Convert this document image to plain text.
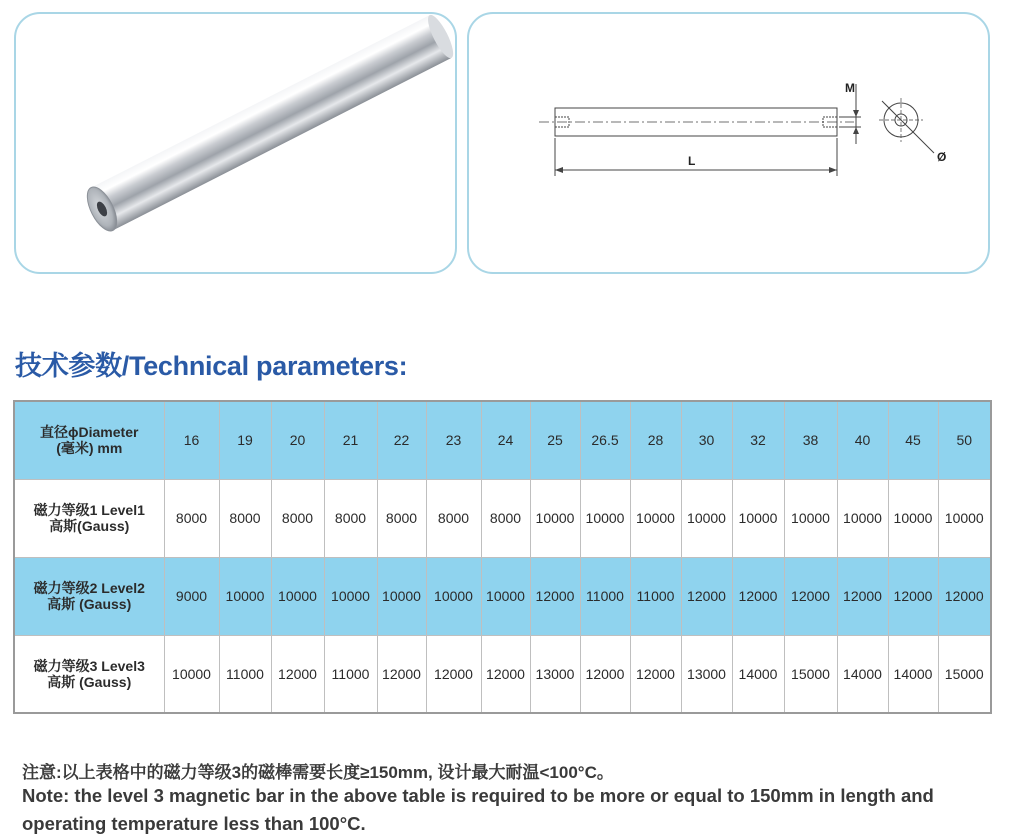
M
L	Ø
技术参数/Technical parameters:
直径ϕDiameter
(毫米) mm	16	19	20	21	22	23	24	25	26.5	28	30	32	38	40	45	50

磁力等级1 Level1
高斯(Gauss)	8000	8000	8000	8000	8000	8000	8000	10000	10000	10000	10000	10000	10000	10000	10000	10000

磁力等级2 Level2
高斯 (Gauss)	9000	10000	10000	10000	10000	10000	10000	12000	11000	11000	12000	12000	12000	12000	12000	12000

磁力等级3 Level3
高斯 (Gauss)	10000	11000	12000	11000	12000	12000	12000	13000	12000	12000	13000	14000	15000	14000	14000	15000

注意:以上表格中的磁力等级3的磁棒需要长度≥150mm, 设计最大耐温<100°C。

Note: the level 3 magnetic bar in the above table is required to be more or equal to 150mm in length and

operating temperature less than 100°C.
